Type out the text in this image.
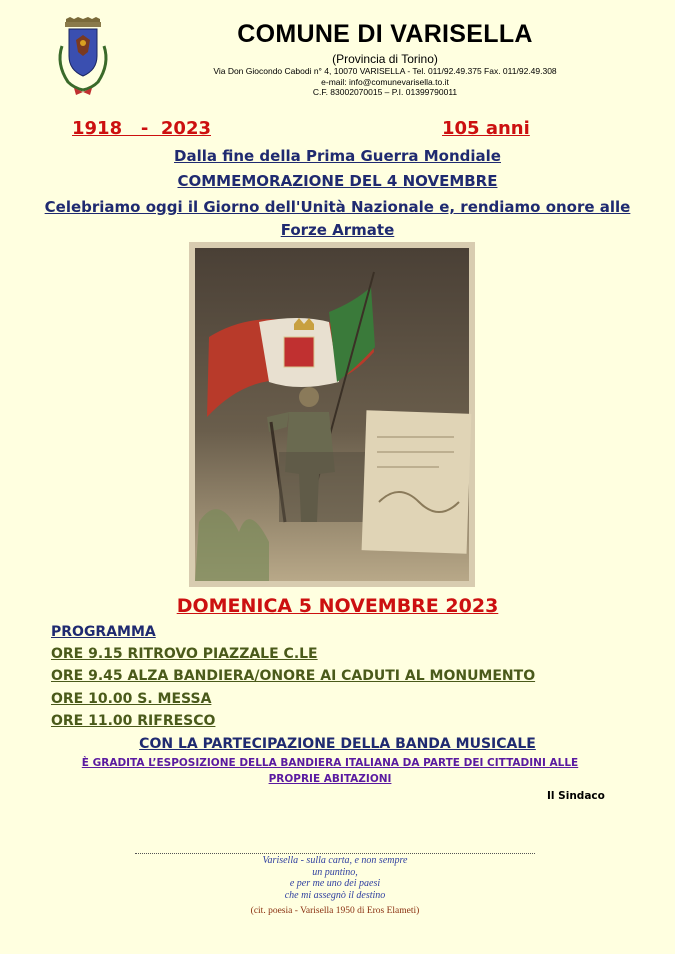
COMUNE DI VARISELLA
(Provincia di Torino)
Via Don Giocondo Cabodi n° 4, 10070 VARISELLA - Tel. 011/92.49.375 Fax. 011/92.49.308
e-mail: info@comunevarisella.to.it
C.F. 83002070015 – P.I. 01399790011
1918   -  2023	105 anni
Dalla fine della Prima Guerra Mondiale
COMMEMORAZIONE DEL 4 NOVEMBRE
Celebriamo oggi il Giorno dell'Unità Nazionale e, rendiamo onore alle Forze Armate
DOMENICA 5 NOVEMBRE 2023
PROGRAMMA
ORE 9.15 RITROVO PIAZZALE C.LE
ORE 9.45 ALZA BANDIERA/ONORE AI CADUTI AL MONUMENTO
ORE 10.00 S. MESSA
ORE 11.00 RIFRESCO
CON LA PARTECIPAZIONE DELLA BANDA MUSICALE
È GRADITA L’ESPOSIZIONE DELLA BANDIERA ITALIANA DA PARTE DEI CITTADINI ALLE PROPRIE ABITAZIONI
Il Sindaco
Varisella - sulla carta, e non sempre
un puntino,
e per me uno dei paesi
che mi assegnò il destino
(cit. poesia - Varisella 1950 di Eros Elameti)
